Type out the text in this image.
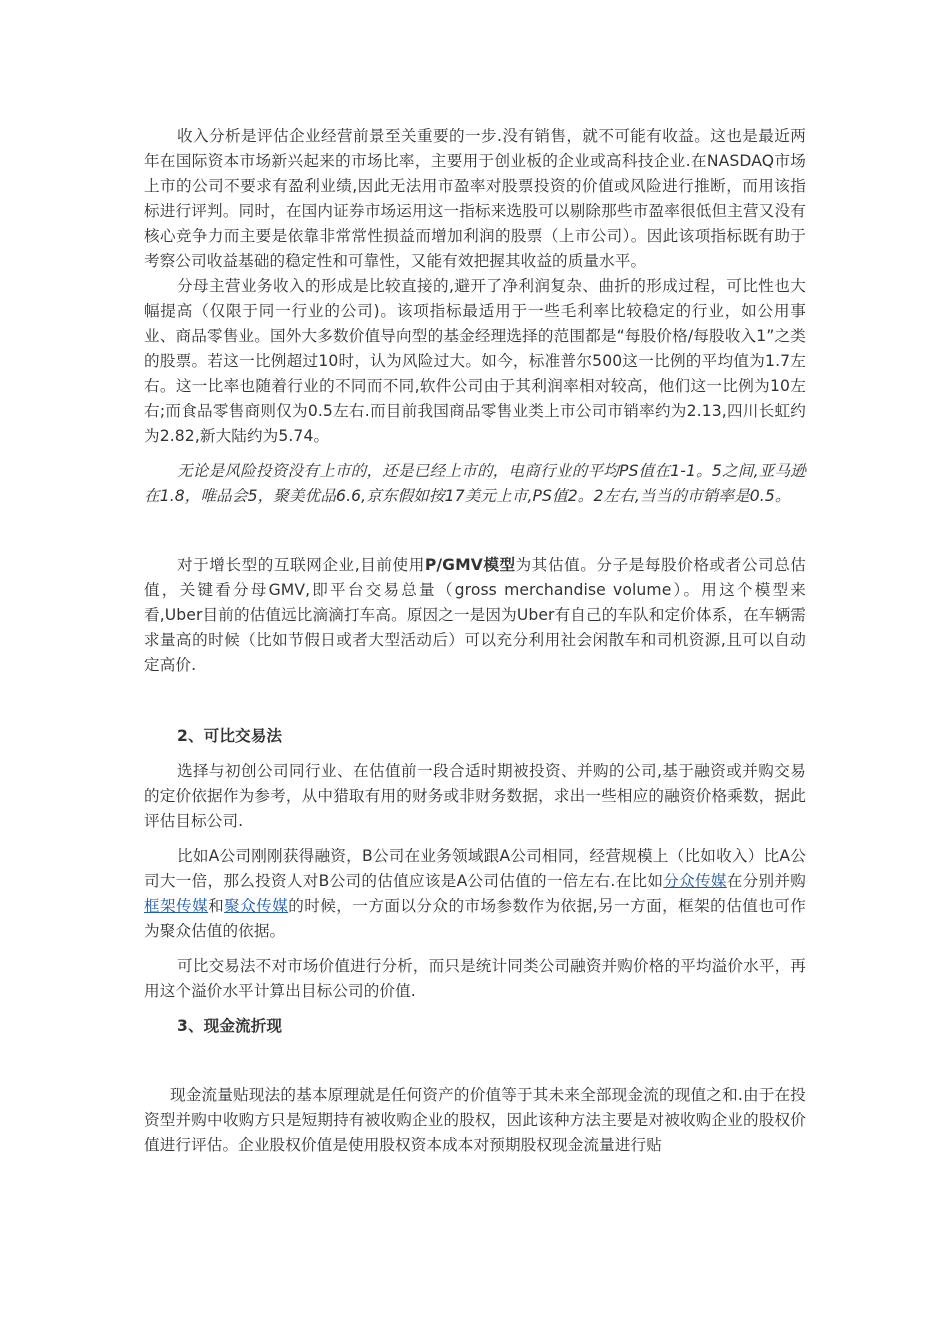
收入分析是评估企业经营前景至关重要的一步.没有销售，就不可能有收益。这也是最近两年在国际资本市场新兴起来的市场比率，主要用于创业板的企业或高科技企业.在NASDAQ市场上市的公司不要求有盈利业绩,因此无法用市盈率对股票投资的价值或风险进行推断，而用该指标进行评判。同时，在国内证券市场运用这一指标来选股可以剔除那些市盈率很低但主营又没有核心竞争力而主要是依靠非常常性损益而增加利润的股票（上市公司）。因此该项指标既有助于考察公司收益基础的稳定性和可靠性，又能有效把握其收益的质量水平。

分母主营业务收入的形成是比较直接的,避开了净利润复杂、曲折的形成过程，可比性也大幅提高（仅限于同一行业的公司)。该项指标最适用于一些毛利率比较稳定的行业，如公用事业、商品零售业。国外大多数价值导向型的基金经理选择的范围都是“每股价格/每股收入1”之类的股票。若这一比例超过10时，认为风险过大。如今，标准普尔500这一比例的平均值为1.7左右。这一比率也随着行业的不同而不同,软件公司由于其利润率相对较高，他们这一比例为10左右;而食品零售商则仅为0.5左右.而目前我国商品零售业类上市公司市销率约为2.13,四川长虹约为2.82,新大陆约为5.74。

无论是风险投资没有上市的，还是已经上市的，电商行业的平均PS值在1-1。5之间,亚马逊在1.8，唯品会5，聚美优品6.6,京东假如按17美元上市,PS值2。2左右,当当的市销率是0.5。

对于增长型的互联网企业,目前使用P/GMV模型为其估值。分子是每股价格或者公司总估值，关键看分母GMV,即平台交易总量（gross merchandise volume）。用这个模型来看,Uber目前的估值远比滴滴打车高。原因之一是因为Uber有自己的车队和定价体系，在车辆需求量高的时候（比如节假日或者大型活动后）可以充分利用社会闲散车和司机资源,且可以自动定高价.

2、可比交易法

选择与初创公司同行业、在估值前一段合适时期被投资、并购的公司,基于融资或并购交易的定价依据作为参考，从中猎取有用的财务或非财务数据，求出一些相应的融资价格乘数，据此评估目标公司.

比如A公司刚刚获得融资，B公司在业务领域跟A公司相同，经营规模上（比如收入）比A公司大一倍，那么投资人对B公司的估值应该是A公司估值的一倍左右.在比如分众传媒在分别并购框架传媒和聚众传媒的时候，一方面以分众的市场参数作为依据,另一方面，框架的估值也可作为聚众估值的依据。

可比交易法不对市场价值进行分析，而只是统计同类公司融资并购价格的平均溢价水平，再用这个溢价水平计算出目标公司的价值.

3、现金流折现

现金流量贴现法的基本原理就是任何资产的价值等于其未来全部现金流的现值之和.由于在投资型并购中收购方只是短期持有被收购企业的股权，因此该种方法主要是对被收购企业的股权价值进行评估。企业股权价值是使用股权资本成本对预期股权现金流量进行贴
